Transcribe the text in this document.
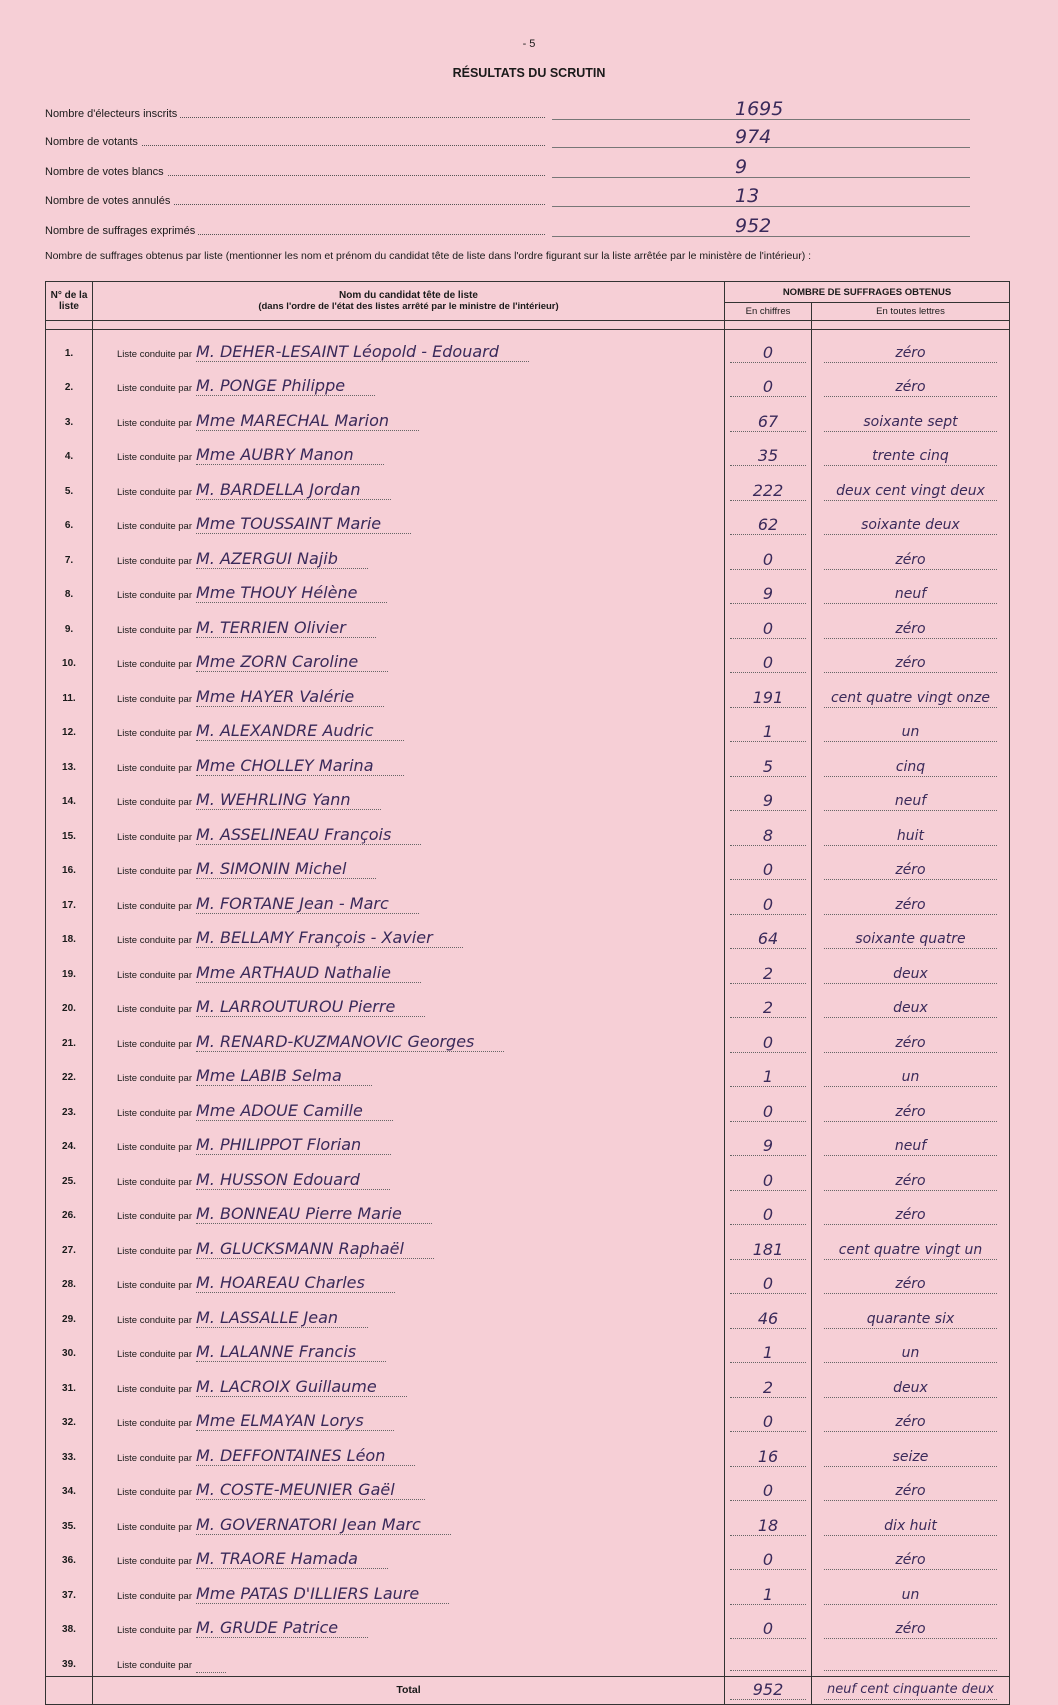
- 5
RÉSULTATS DU SCRUTIN
Nombre d'électeurs inscrits	1695
Nombre de votants	974
Nombre de votes blancs	9
Nombre de votes annulés	13
Nombre de suffrages exprimés	952
Nombre de suffrages obtenus par liste (mentionner les nom et prénom du candidat tête de liste dans l'ordre figurant sur la liste arrêtée par le ministère de l'intérieur) :
N° de la liste	Nom du candidat tête de liste
(dans l'ordre de l'état des listes arrêté par le ministre de l'intérieur)	NOMBRE DE SUFFRAGES OBTENUS	
		En chiffres	En toutes lettres

1.	Liste conduite par M. DEHER-LESAINT Léopold - Edouard	0	zéro
2.	Liste conduite par M. PONGE Philippe	0	zéro
3.	Liste conduite par Mme MARECHAL Marion	67	soixante sept
4.	Liste conduite par Mme AUBRY Manon	35	trente cinq
5.	Liste conduite par M. BARDELLA Jordan	222	deux cent vingt deux
6.	Liste conduite par Mme TOUSSAINT Marie	62	soixante deux
7.	Liste conduite par M. AZERGUI Najib	0	zéro
8.	Liste conduite par Mme THOUY Hélène	9	neuf
9.	Liste conduite par M. TERRIEN Olivier	0	zéro
10.	Liste conduite par Mme ZORN Caroline	0	zéro
11.	Liste conduite par Mme HAYER Valérie	191	cent quatre vingt onze
12.	Liste conduite par M. ALEXANDRE Audric	1	un
13.	Liste conduite par Mme CHOLLEY Marina	5	cinq
14.	Liste conduite par M. WEHRLING Yann	9	neuf
15.	Liste conduite par M. ASSELINEAU François	8	huit
16.	Liste conduite par M. SIMONIN Michel	0	zéro
17.	Liste conduite par M. FORTANE Jean - Marc	0	zéro
18.	Liste conduite par M. BELLAMY François - Xavier	64	soixante quatre
19.	Liste conduite par Mme ARTHAUD Nathalie	2	deux
20.	Liste conduite par M. LARROUTUROU Pierre	2	deux
21.	Liste conduite par M. RENARD-KUZMANOVIC Georges	0	zéro
22.	Liste conduite par Mme LABIB Selma	1	un
23.	Liste conduite par Mme ADOUE Camille	0	zéro
24.	Liste conduite par M. PHILIPPOT Florian	9	neuf
25.	Liste conduite par M. HUSSON Edouard	0	zéro
26.	Liste conduite par M. BONNEAU Pierre Marie	0	zéro
27.	Liste conduite par M. GLUCKSMANN Raphaël	181	cent quatre vingt un
28.	Liste conduite par M. HOAREAU Charles	0	zéro
29.	Liste conduite par M. LASSALLE Jean	46	quarante six
30.	Liste conduite par M. LALANNE Francis	1	un
31.	Liste conduite par M. LACROIX Guillaume	2	deux
32.	Liste conduite par Mme ELMAYAN Lorys	0	zéro
33.	Liste conduite par M. DEFFONTAINES Léon	16	seize
34.	Liste conduite par M. COSTE-MEUNIER Gaël	0	zéro
35.	Liste conduite par M. GOVERNATORI Jean Marc	18	dix huit
36.	Liste conduite par M. TRAORE Hamada	0	zéro
37.	Liste conduite par Mme PATAS D'ILLIERS Laure	1	un
38.	Liste conduite par M. GRUDE Patrice	0	zéro
39.	Liste conduite par		
	Total	952	neuf cent cinquante deux
